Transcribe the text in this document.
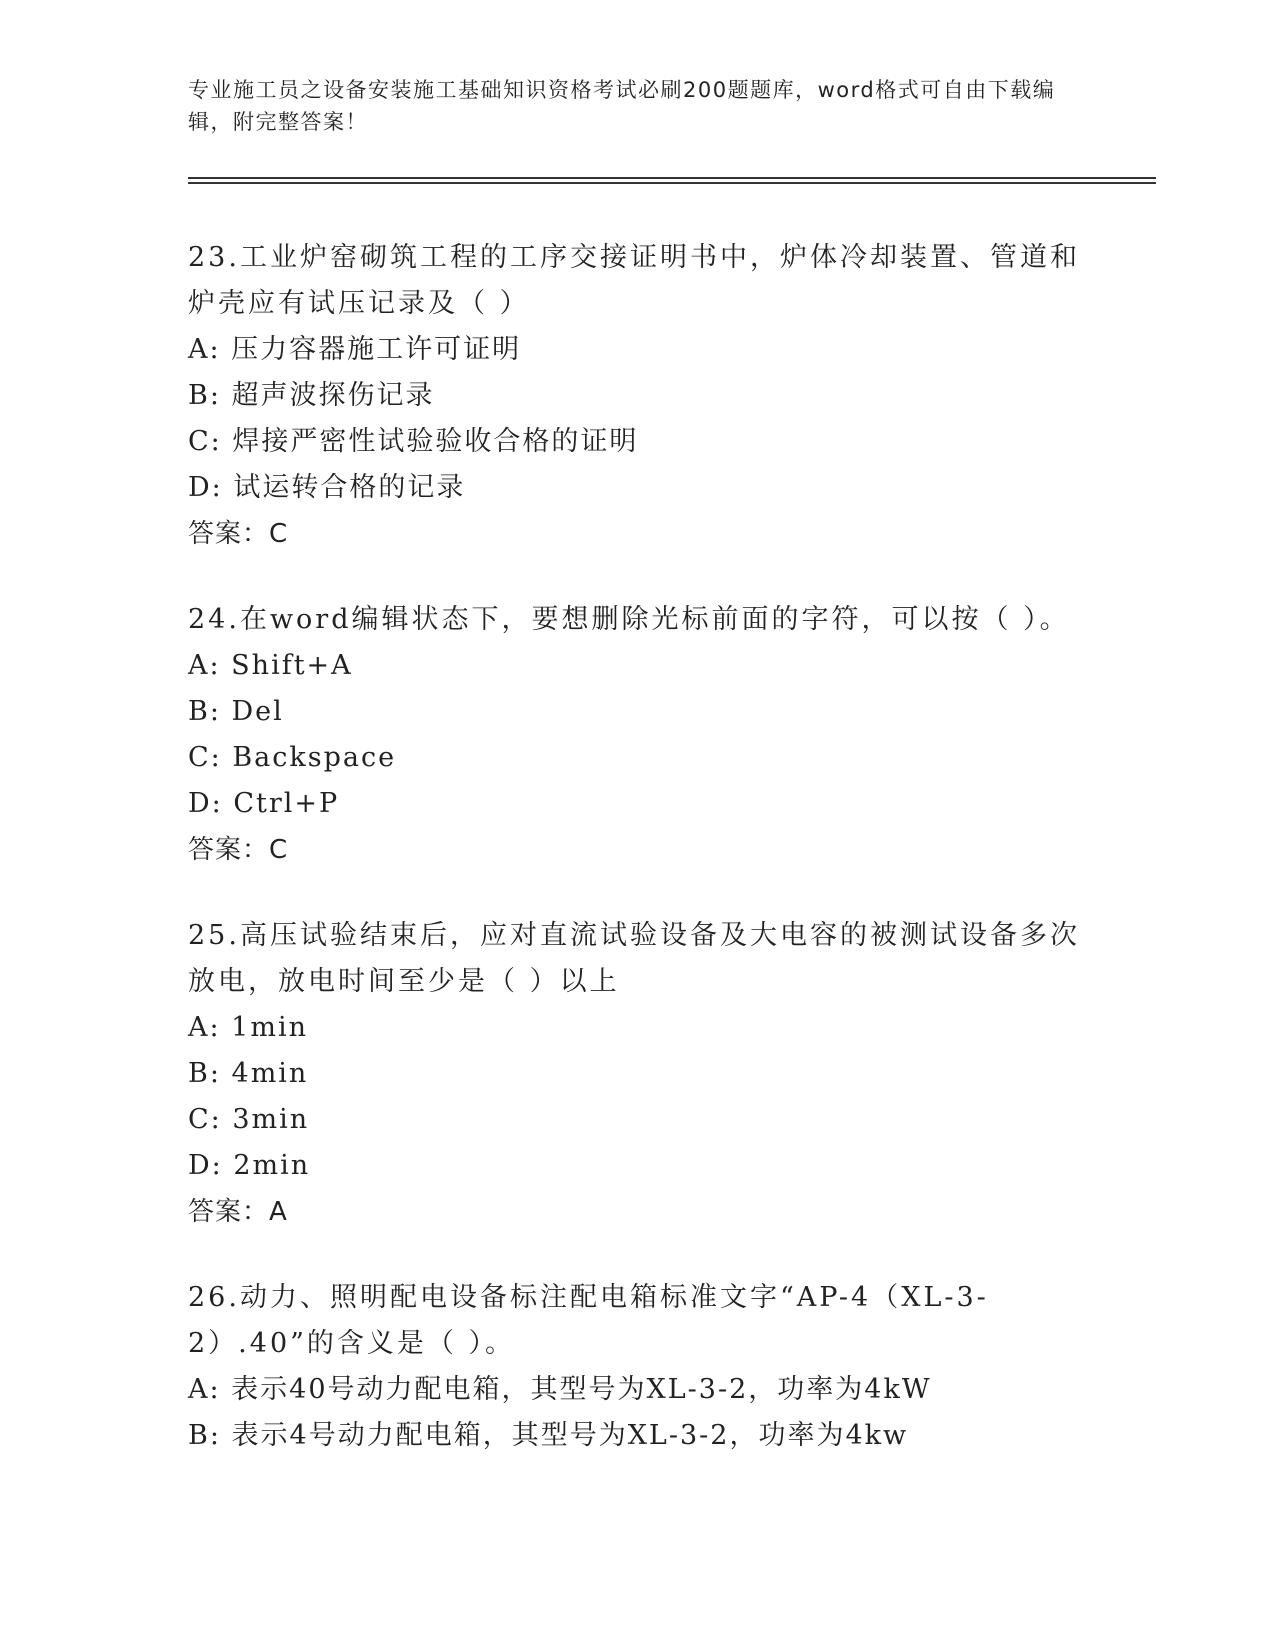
专业施工员之设备安装施工基础知识资格考试必刷200题题库，word格式可自由下载编辑，附完整答案！

23.工业炉窑砌筑工程的工序交接证明书中，炉体冷却装置、管道和炉壳应有试压记录及（ ）

A: 压力容器施工许可证明
B: 超声波探伤记录
C: 焊接严密性试验验收合格的证明
D: 试运转合格的记录
答案：C

24.在word编辑状态下，要想删除光标前面的字符，可以按（ ）。

A: Shift+A
B: Del
C: Backspace
D: Ctrl+P
答案：C

25.高压试验结束后，应对直流试验设备及大电容的被测试设备多次放电，放电时间至少是（ ）以上

A: 1min
B: 4min
C: 3min
D: 2min
答案：A

26.动力、照明配电设备标注配电箱标准文字“AP-4（XL-3-2）.40”的含义是（ ）。

A: 表示40号动力配电箱，其型号为XL-3-2，功率为4kW
B: 表示4号动力配电箱，其型号为XL-3-2，功率为4kw
